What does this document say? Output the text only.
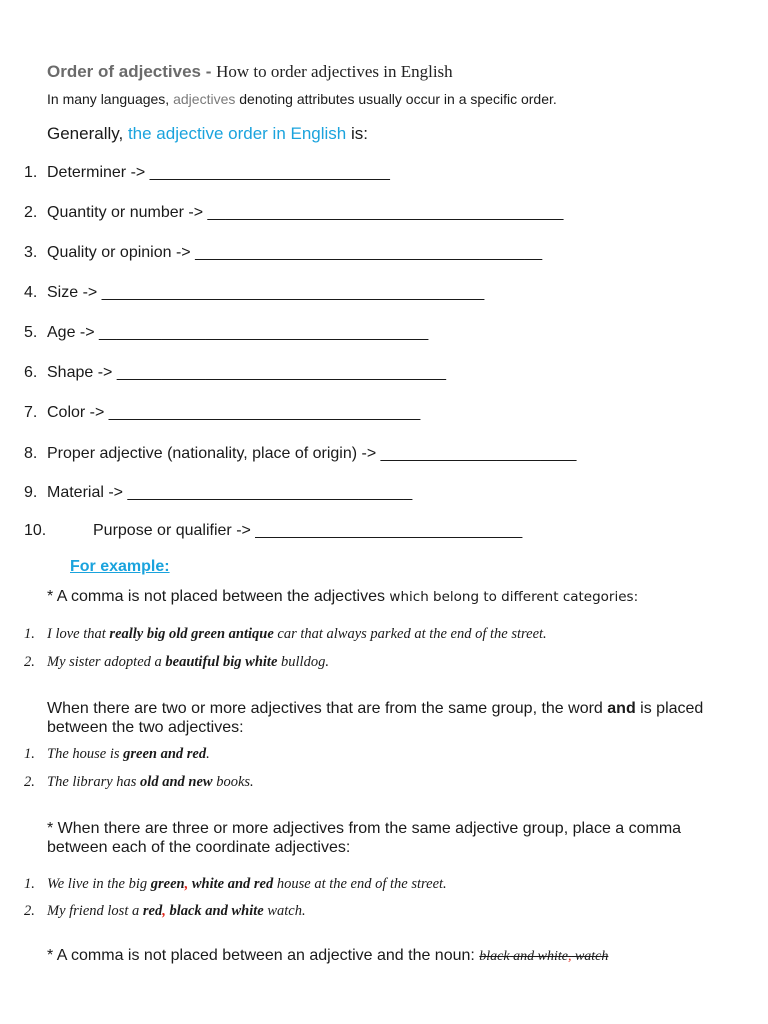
Order of adjectives - How to order adjectives in English
In many languages, adjectives denoting attributes usually occur in a specific order.
Generally, the adjective order in English is:
1. Determiner -> ___________________________
2. Quantity or number -> ________________________________________
3. Quality or opinion -> _______________________________________
4. Size -> ___________________________________________
5. Age -> _____________________________________
6. Shape -> _____________________________________
7. Color -> ___________________________________
8. Proper adjective (nationality, place of origin) -> ______________________
9. Material -> ________________________________
10.	Purpose or qualifier -> ______________________________
For example:
* A comma is not placed between the adjectives which belong to different categories:
1. I love that really big old green antique car that always parked at the end of the street.
2. My sister adopted a beautiful big white bulldog.
When there are two or more adjectives that are from the same group, the word and is placed between the two adjectives:
1. The house is green and red.
2. The library has old and new books.
* When there are three or more adjectives from the same adjective group, place a comma between each of the coordinate adjectives:
1. We live in the big green, white and red house at the end of the street.
2. My friend lost a red, black and white watch.
* A comma is not placed between an adjective and the noun: black and white, watch
